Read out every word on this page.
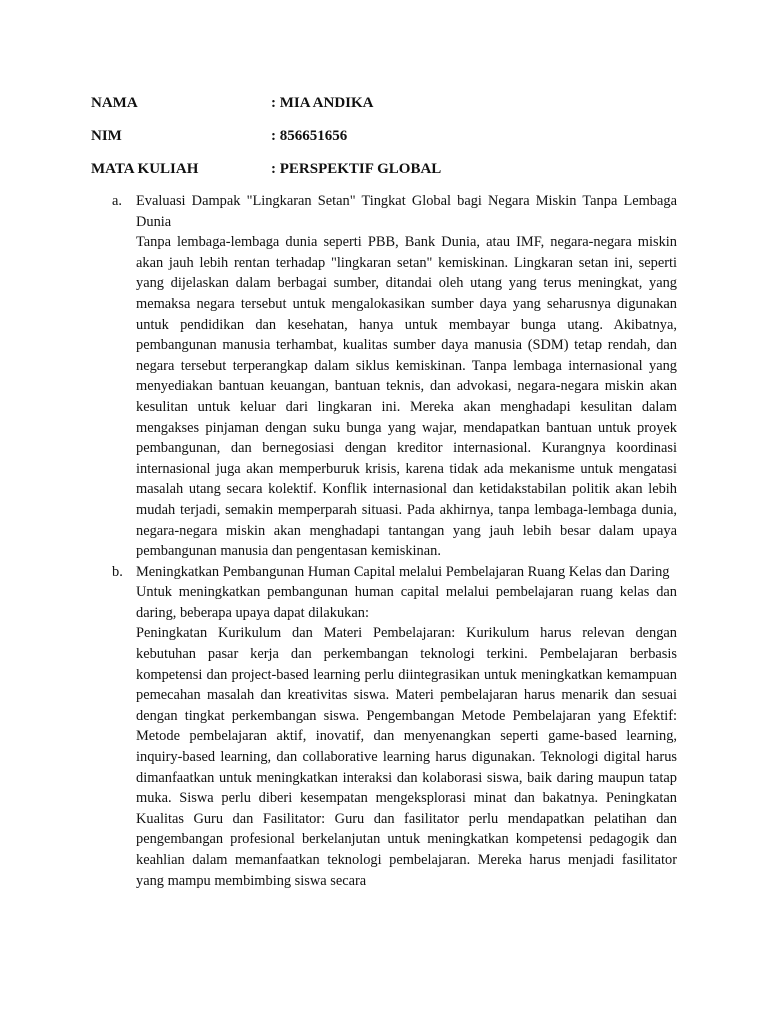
NAMA	: MIA ANDIKA
NIM	: 856651656
MATA KULIAH	: PERSPEKTIF GLOBAL
a. Evaluasi Dampak "Lingkaran Setan" Tingkat Global bagi Negara Miskin Tanpa Lembaga Dunia

Tanpa lembaga-lembaga dunia seperti PBB, Bank Dunia, atau IMF, negara-negara miskin akan jauh lebih rentan terhadap "lingkaran setan" kemiskinan. Lingkaran setan ini, seperti yang dijelaskan dalam berbagai sumber, ditandai oleh utang yang terus meningkat, yang memaksa negara tersebut untuk mengalokasikan sumber daya yang seharusnya digunakan untuk pendidikan dan kesehatan, hanya untuk membayar bunga utang. Akibatnya, pembangunan manusia terhambat, kualitas sumber daya manusia (SDM) tetap rendah, dan negara tersebut terperangkap dalam siklus kemiskinan. Tanpa lembaga internasional yang menyediakan bantuan keuangan, bantuan teknis, dan advokasi, negara-negara miskin akan kesulitan untuk keluar dari lingkaran ini. Mereka akan menghadapi kesulitan dalam mengakses pinjaman dengan suku bunga yang wajar, mendapatkan bantuan untuk proyek pembangunan, dan bernegosiasi dengan kreditor internasional. Kurangnya koordinasi internasional juga akan memperburuk krisis, karena tidak ada mekanisme untuk mengatasi masalah utang secara kolektif. Konflik internasional dan ketidakstabilan politik akan lebih mudah terjadi, semakin memperparah situasi. Pada akhirnya, tanpa lembaga-lembaga dunia, negara-negara miskin akan menghadapi tantangan yang jauh lebih besar dalam upaya pembangunan manusia dan pengentasan kemiskinan.

b. Meningkatkan Pembangunan Human Capital melalui Pembelajaran Ruang Kelas dan Daring

Untuk meningkatkan pembangunan human capital melalui pembelajaran ruang kelas dan daring, beberapa upaya dapat dilakukan:

Peningkatan Kurikulum dan Materi Pembelajaran: Kurikulum harus relevan dengan kebutuhan pasar kerja dan perkembangan teknologi terkini. Pembelajaran berbasis kompetensi dan project-based learning perlu diintegrasikan untuk meningkatkan kemampuan pemecahan masalah dan kreativitas siswa. Materi pembelajaran harus menarik dan sesuai dengan tingkat perkembangan siswa. Pengembangan Metode Pembelajaran yang Efektif: Metode pembelajaran aktif, inovatif, dan menyenangkan seperti game-based learning, inquiry-based learning, dan collaborative learning harus digunakan. Teknologi digital harus dimanfaatkan untuk meningkatkan interaksi dan kolaborasi siswa, baik daring maupun tatap muka. Siswa perlu diberi kesempatan mengeksplorasi minat dan bakatnya. Peningkatan Kualitas Guru dan Fasilitator: Guru dan fasilitator perlu mendapatkan pelatihan dan pengembangan profesional berkelanjutan untuk meningkatkan kompetensi pedagogik dan keahlian dalam memanfaatkan teknologi pembelajaran. Mereka harus menjadi fasilitator yang mampu membimbing siswa secara
